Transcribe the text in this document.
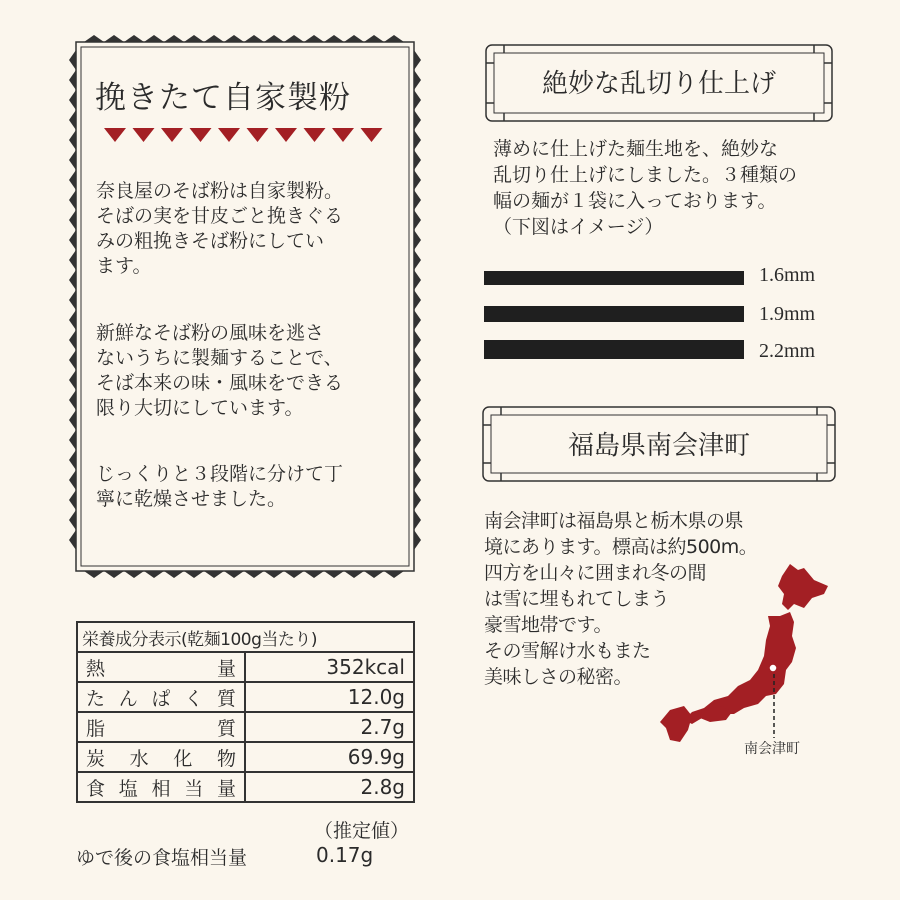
挽きたて自家製粉
奈良屋のそば粉は自家製粉。
そばの実を甘皮ごと挽きぐる
みの粗挽きそば粉にしてい
ます。
新鮮なそば粉の風味を逃さ
ないうちに製麺することで、
そば本来の味・風味をできる
限り大切にしています。
じっくりと３段階に分けて丁
寧に乾燥させました。
絶妙な乱切り仕上げ
薄めに仕上げた麺生地を、絶妙な
乱切り仕上げにしました。３種類の
幅の麺が１袋に入っております。
（下図はイメージ）
1.6mm
1.9mm
2.2mm
福島県南会津町
南会津町は福島県と栃木県の県
境にあります。標高は約500m。
四方を山々に囲まれ冬の間
は雪に埋もれてしまう
豪雪地帯です。
その雪解け水もまた
美味しさの秘密。
南会津町
栄養成分表示(乾麺100g当たり)	
熱量	352kcal
たんぱく質	12.0g
脂質	2.7g
炭水化物	69.9g
食塩相当量	2.8g
（推定値）
ゆで後の食塩相当量	0.17g
